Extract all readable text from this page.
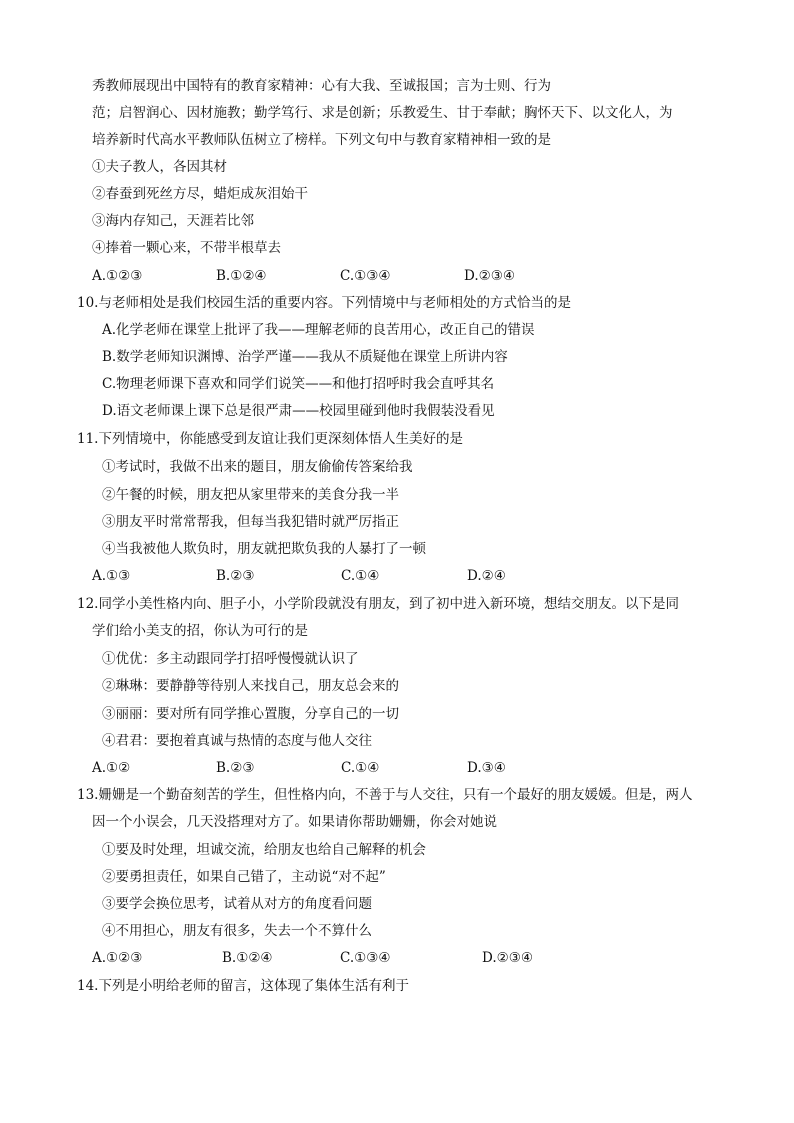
秀教师展现出中国特有的教育家精神：心有大我、至诚报国；言为士则、行为
范；启智润心、因材施教；勤学笃行、求是创新；乐教爱生、甘于奉献；胸怀天下、以文化人，为
培养新时代高水平教师队伍树立了榜样。下列文句中与教育家精神相一致的是
①夫子教人，各因其材
②春蚕到死丝方尽，蜡炬成灰泪始干
③海内存知己，天涯若比邻
④捧着一颗心来，不带半根草去
A.①②③	B.①②④	C.①③④	D.②③④
10.与老师相处是我们校园生活的重要内容。下列情境中与老师相处的方式恰当的是
A.化学老师在课堂上批评了我——理解老师的良苦用心，改正自己的错误
B.数学老师知识渊博、治学严谨——我从不质疑他在课堂上所讲内容
C.物理老师课下喜欢和同学们说笑——和他打招呼时我会直呼其名
D.语文老师课上课下总是很严肃——校园里碰到他时我假装没看见
11.下列情境中，你能感受到友谊让我们更深刻体悟人生美好的是
①考试时，我做不出来的题目，朋友偷偷传答案给我
②午餐的时候，朋友把从家里带来的美食分我一半
③朋友平时常常帮我，但每当我犯错时就严厉指正
④当我被他人欺负时，朋友就把欺负我的人暴打了一顿
A.①③	B.②③	C.①④	D.②④
12.同学小美性格内向、胆子小，小学阶段就没有朋友，到了初中进入新环境，想结交朋友。以下是同
学们给小美支的招，你认为可行的是
①优优：多主动跟同学打招呼慢慢就认识了
②琳琳：要静静等待别人来找自己，朋友总会来的
③丽丽：要对所有同学推心置腹，分享自己的一切
④君君：要抱着真诚与热情的态度与他人交往
A.①②	B.②③	C.①④	D.③④
13.姗姗是一个勤奋刻苦的学生，但性格内向，不善于与人交往，只有一个最好的朋友媛媛。但是，两人
因一个小误会，几天没搭理对方了。如果请你帮助姗姗，你会对她说
①要及时处理，坦诚交流，给朋友也给自己解释的机会
②要勇担责任，如果自己错了，主动说“对不起”
③要学会换位思考，试着从对方的角度看问题
④不用担心，朋友有很多，失去一个不算什么
A.①②③	B.①②④	C.①③④	D.②③④
14.下列是小明给老师的留言，这体现了集体生活有利于
